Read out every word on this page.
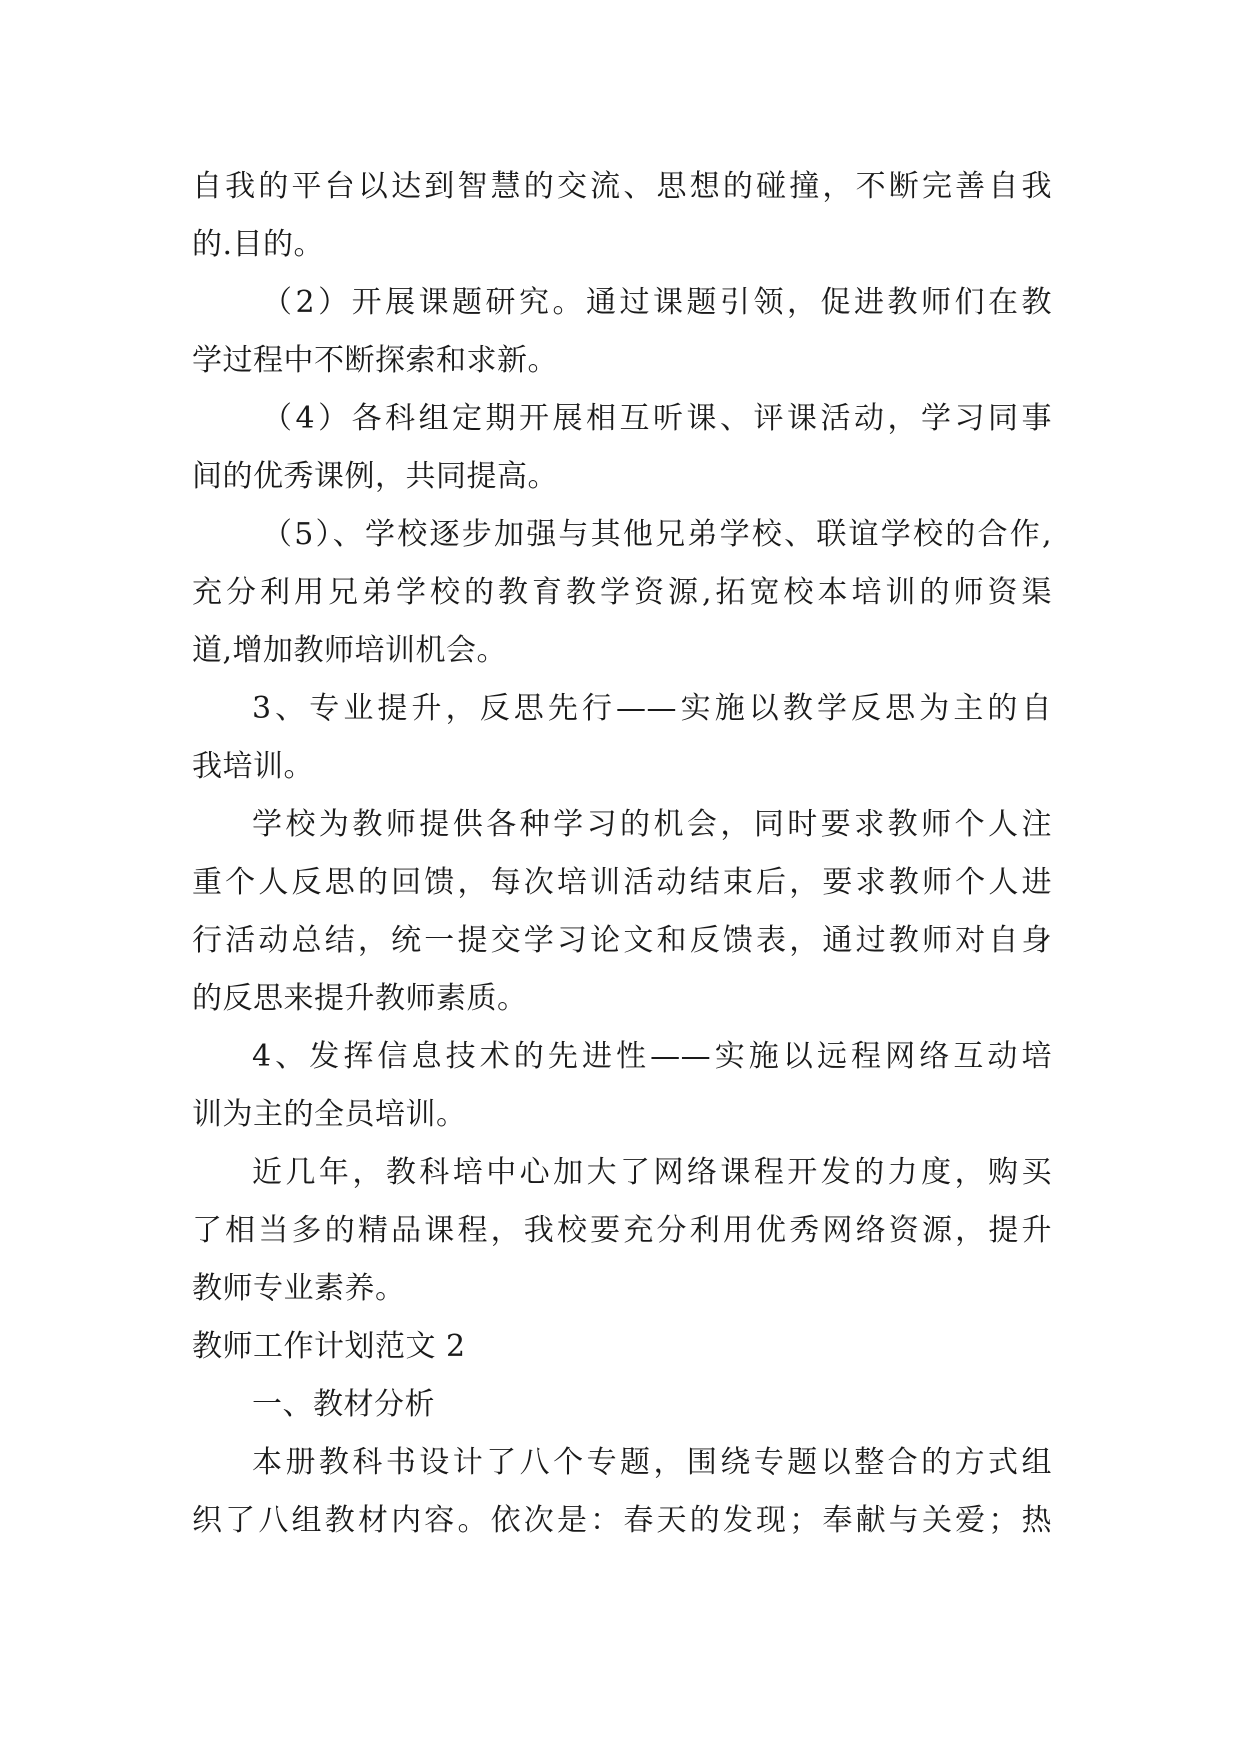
自我的平台以达到智慧的交流、思想的碰撞，不断完善自我
的.目的。
（2）开展课题研究。通过课题引领，促进教师们在教
学过程中不断探索和求新。
（4）各科组定期开展相互听课、评课活动，学习同事
间的优秀课例，共同提高。
（5）、学校逐步加强与其他兄弟学校、联谊学校的合作,
充分利用兄弟学校的教育教学资源,拓宽校本培训的师资渠
道,增加教师培训机会。
3、专业提升，反思先行——实施以教学反思为主的自
我培训。
学校为教师提供各种学习的机会，同时要求教师个人注
重个人反思的回馈，每次培训活动结束后，要求教师个人进
行活动总结，统一提交学习论文和反馈表，通过教师对自身
的反思来提升教师素质。
4、发挥信息技术的先进性——实施以远程网络互动培
训为主的全员培训。
近几年，教科培中心加大了网络课程开发的力度，购买
了相当多的精品课程，我校要充分利用优秀网络资源，提升
教师专业素养。
教师工作计划范文 2
一、教材分析
本册教科书设计了八个专题，围绕专题以整合的方式组
织了八组教材内容。依次是：春天的发现；奉献与关爱；热
